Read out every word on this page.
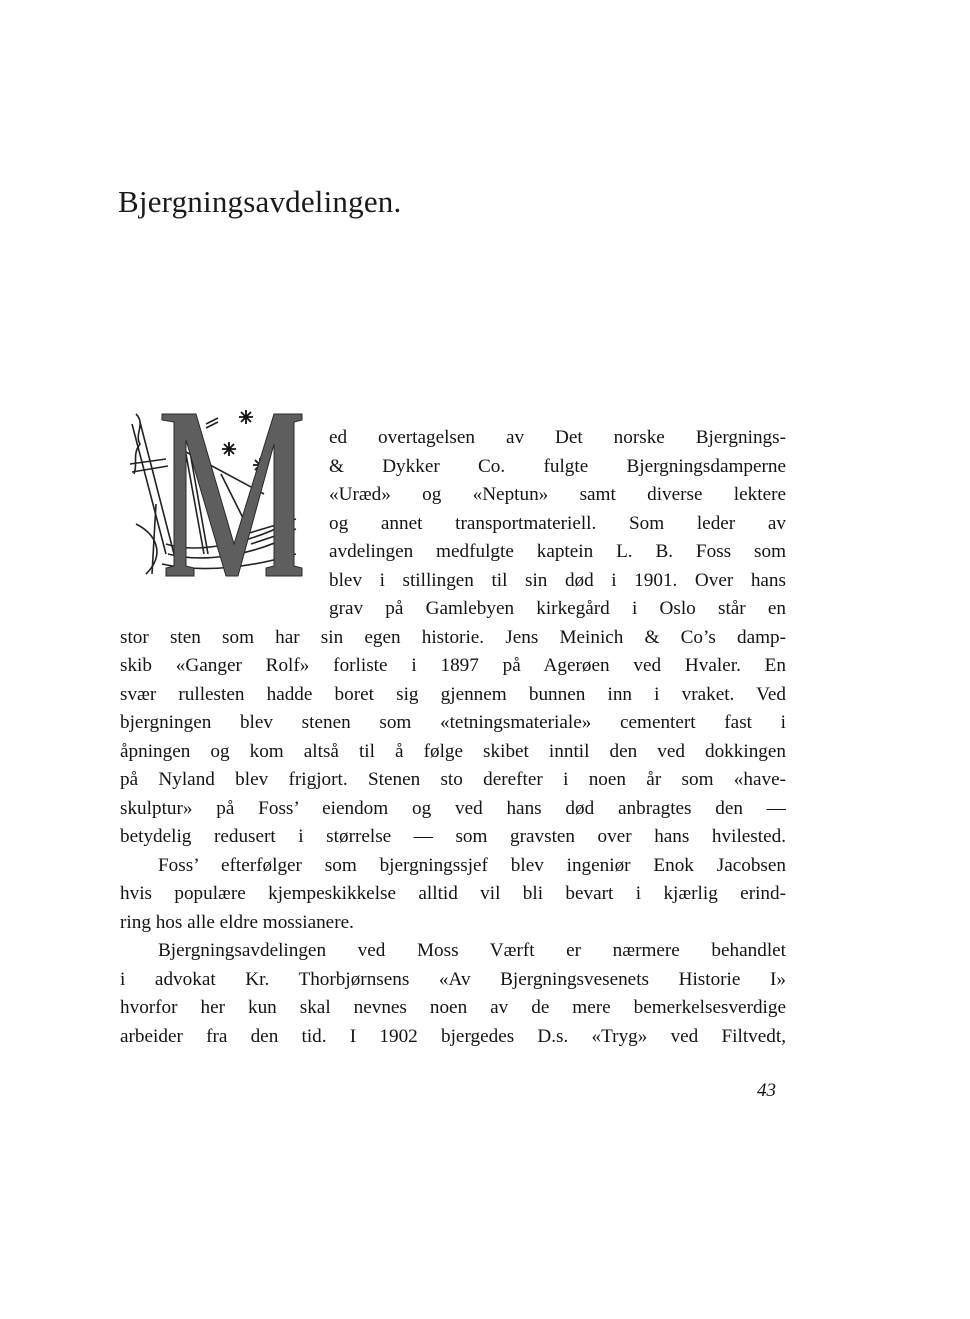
Bjergningsavdelingen.
ed overtagelsen av Det norske Bjergnings-
& Dykker Co. fulgte Bjergningsdamperne
«Uræd» og «Neptun» samt diverse lektere
og annet transportmateriell. Som leder av
avdelingen medfulgte kaptein L. B. Foss som
blev i stillingen til sin død i 1901. Over hans
grav på Gamlebyen kirkegård i Oslo står en
stor sten som har sin egen historie. Jens Meinich & Co’s damp-
skib «Ganger Rolf» forliste i 1897 på Agerøen ved Hvaler. En
svær rullesten hadde boret sig gjennem bunnen inn i vraket. Ved
bjergningen blev stenen som «tetningsmateriale» cementert fast i
åpningen og kom altså til å følge skibet inntil den ved dokkingen
på Nyland blev frigjort. Stenen sto derefter i noen år som «have-
skulptur» på Foss’ eiendom og ved hans død anbragtes den —
betydelig redusert i størrelse — som gravsten over hans hvilested.
Foss’ efterfølger som bjergningssjef blev ingeniør Enok Jacobsen
hvis populære kjempeskikkelse alltid vil bli bevart i kjærlig erind-
ring hos alle eldre mossianere.
Bjergningsavdelingen ved Moss Værft er nærmere behandlet
i advokat Kr. Thorbjørnsens «Av Bjergningsvesenets Historie I»
hvorfor her kun skal nevnes noen av de mere bemerkelsesverdige
arbeider fra den tid. I 1902 bjergedes D.s. «Tryg» ved Filtvedt,
43
